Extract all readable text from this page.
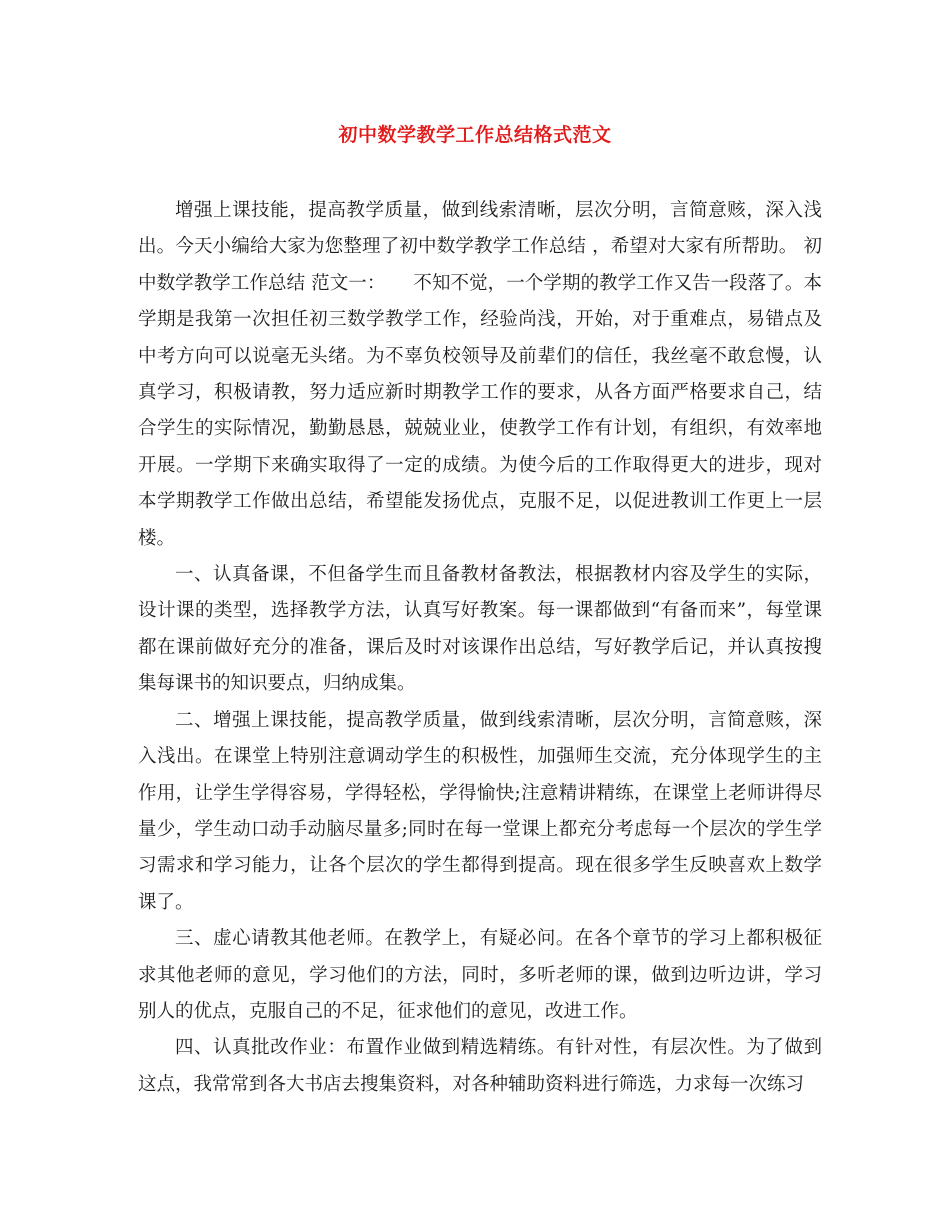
初中数学教学工作总结格式范文

增强上课技能，提高教学质量，做到线索清晰，层次分明，言简意赅，深入浅出。今天小编给大家为您整理了初中数学教学工作总结 ，希望对大家有所帮助。 初中数学教学工作总结 范文一：　　不知不觉，一个学期的教学工作又告一段落了。本学期是我第一次担任初三数学教学工作，经验尚浅，开始，对于重难点，易错点及中考方向可以说毫无头绪。为不辜负校领导及前辈们的信任，我丝毫不敢怠慢，认真学习，积极请教，努力适应新时期教学工作的要求，从各方面严格要求自己，结合学生的实际情况，勤勤恳恳，兢兢业业，使教学工作有计划，有组织，有效率地开展。一学期下来确实取得了一定的成绩。为使今后的工作取得更大的进步，现对本学期教学工作做出总结，希望能发扬优点，克服不足，以促进教训工作更上一层楼。

一、认真备课，不但备学生而且备教材备教法，根据教材内容及学生的实际，设计课的类型，选择教学方法，认真写好教案。每一课都做到“有备而来”，每堂课都在课前做好充分的准备，课后及时对该课作出总结，写好教学后记，并认真按搜集每课书的知识要点，归纳成集。

二、增强上课技能，提高教学质量，做到线索清晰，层次分明，言简意赅，深入浅出。在课堂上特别注意调动学生的积极性，加强师生交流，充分体现学生的主作用，让学生学得容易，学得轻松，学得愉快;注意精讲精练，在课堂上老师讲得尽量少，学生动口动手动脑尽量多;同时在每一堂课上都充分考虑每一个层次的学生学习需求和学习能力，让各个层次的学生都得到提高。现在很多学生反映喜欢上数学课了。

三、虚心请教其他老师。在教学上，有疑必问。在各个章节的学习上都积极征求其他老师的意见，学习他们的方法，同时，多听老师的课，做到边听边讲，学习别人的优点，克服自己的不足，征求他们的意见，改进工作。

四、认真批改作业：布置作业做到精选精练。有针对性，有层次性。为了做到这点，我常常到各大书店去搜集资料，对各种辅助资料进行筛选，力求每一次练习
